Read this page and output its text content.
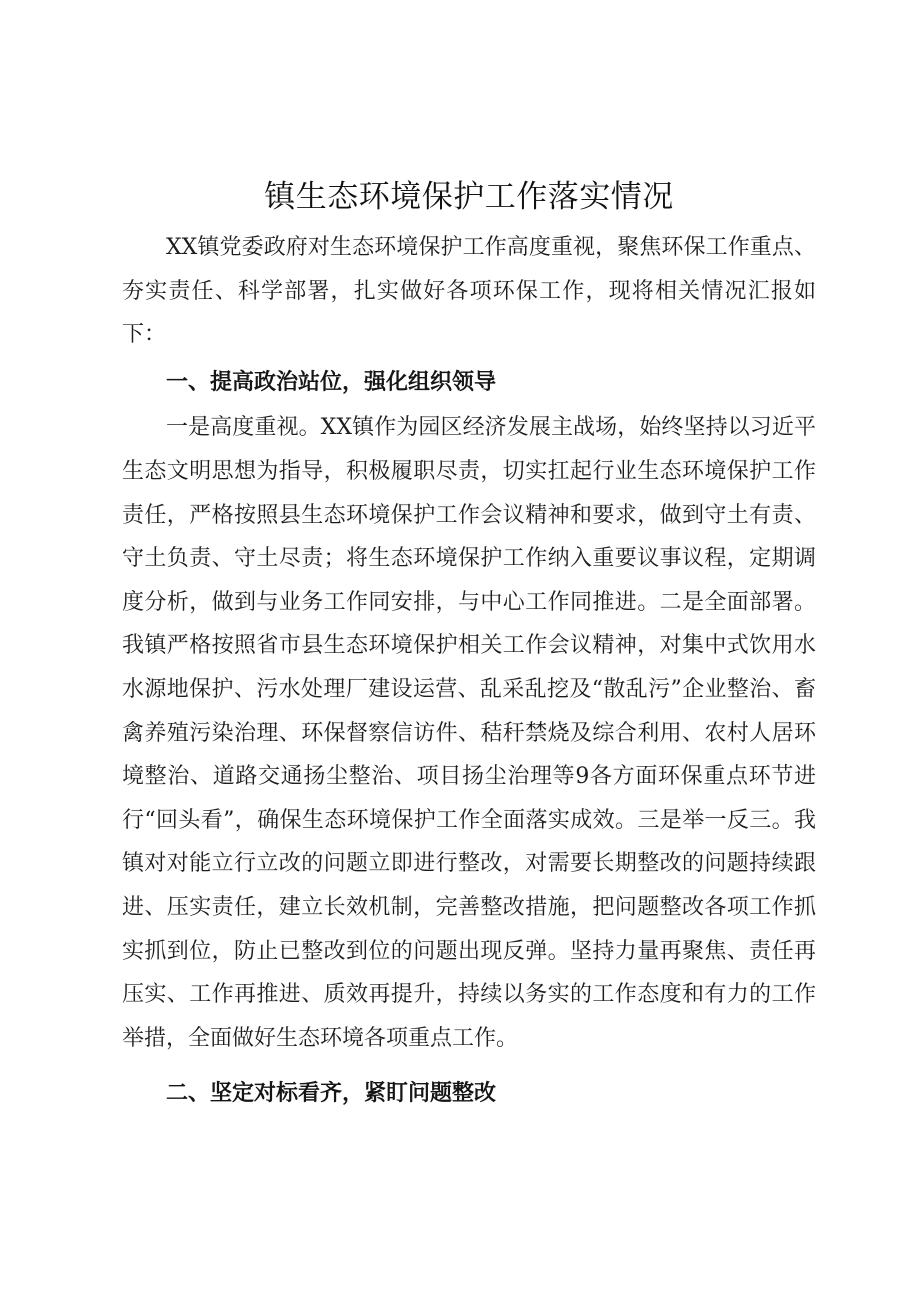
镇生态环境保护工作落实情况

XX镇党委政府对生态环境保护工作高度重视，聚焦环保工作重点、夯实责任、科学部署，扎实做好各项环保工作，现将相关情况汇报如下：

一、提高政治站位，强化组织领导

一是高度重视。XX镇作为园区经济发展主战场，始终坚持以习近平生态文明思想为指导，积极履职尽责，切实扛起行业生态环境保护工作责任，严格按照县生态环境保护工作会议精神和要求，做到守土有责、守土负责、守土尽责；将生态环境保护工作纳入重要议事议程，定期调度分析，做到与业务工作同安排，与中心工作同推进。二是全面部署。我镇严格按照省市县生态环境保护相关工作会议精神，对集中式饮用水水源地保护、污水处理厂建设运营、乱采乱挖及“散乱污”企业整治、畜禽养殖污染治理、环保督察信访件、秸秆禁烧及综合利用、农村人居环境整治、道路交通扬尘整治、项目扬尘治理等9各方面环保重点环节进行“回头看”，确保生态环境保护工作全面落实成效。三是举一反三。我镇对对能立行立改的问题立即进行整改，对需要长期整改的问题持续跟进、压实责任，建立长效机制，完善整改措施，把问题整改各项工作抓实抓到位，防止已整改到位的问题出现反弹。坚持力量再聚焦、责任再压实、工作再推进、质效再提升，持续以务实的工作态度和有力的工作举措，全面做好生态环境各项重点工作。

二、坚定对标看齐，紧盯问题整改
